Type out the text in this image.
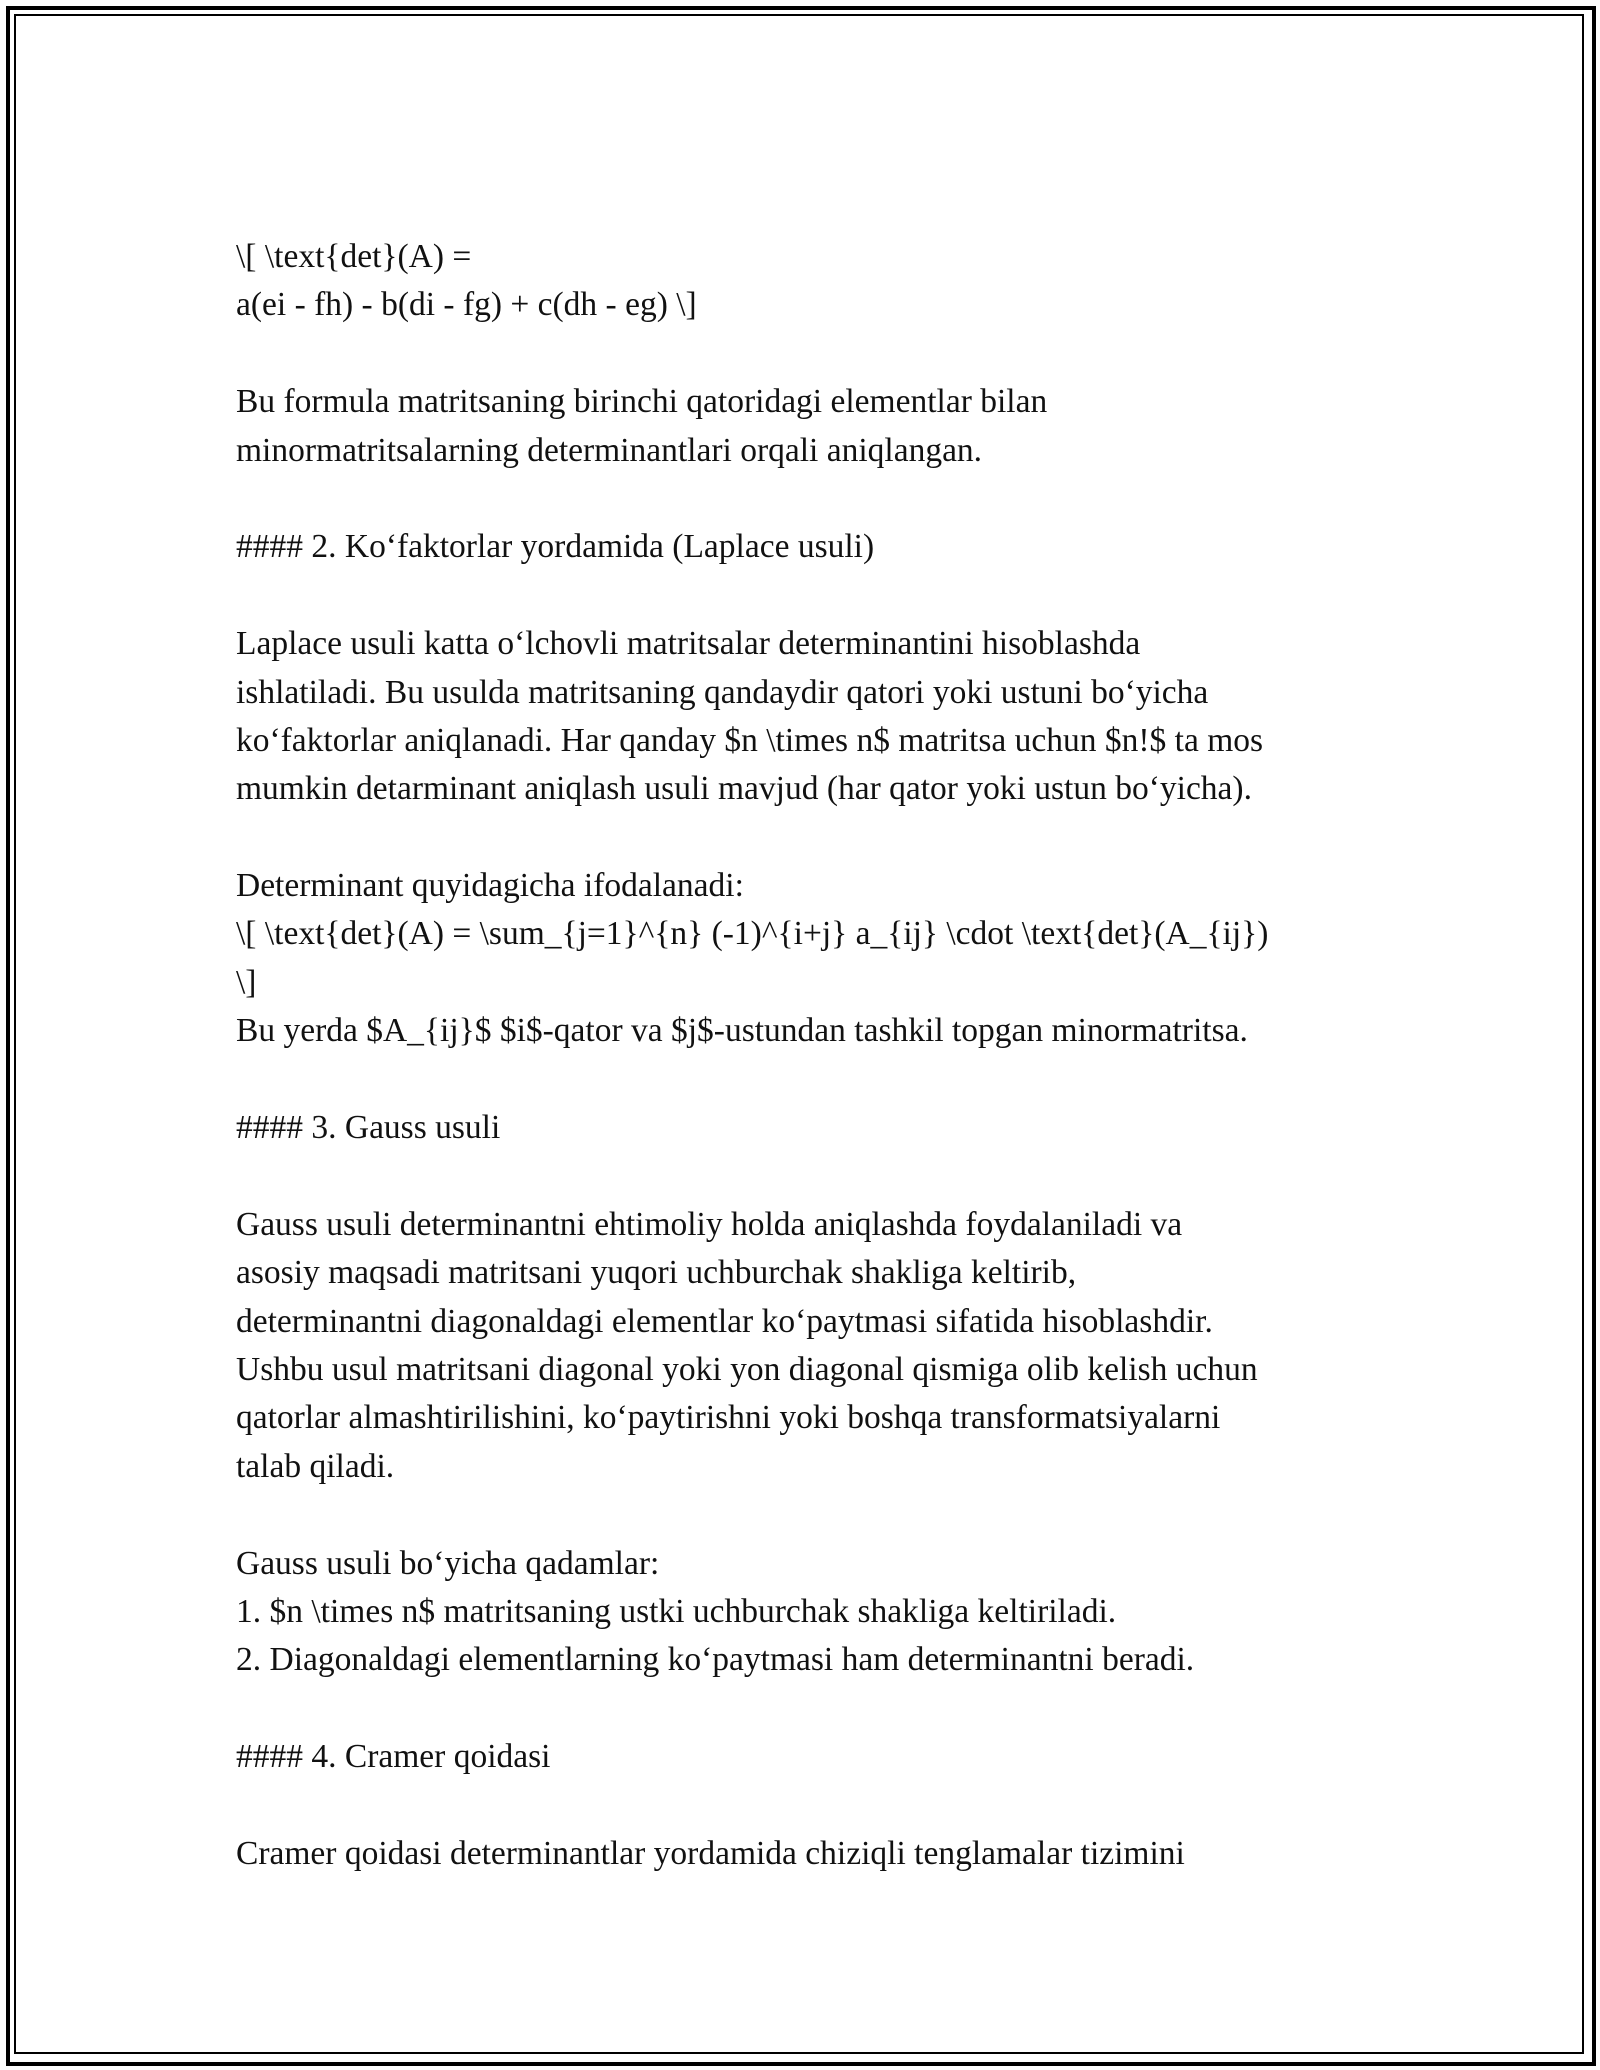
\[ \text{det}(A) =
a(ei - fh) - b(di - fg) + c(dh - eg) \]
Bu formula matritsaning birinchi qatoridagi elementlar bilan
minormatritsalarning determinantlari orqali aniqlangan.
#### 2. Ko‘faktorlar yordamida (Laplace usuli)
Laplace usuli katta o‘lchovli matritsalar determinantini hisoblashda
ishlatiladi. Bu usulda matritsaning qandaydir qatori yoki ustuni bo‘yicha
ko‘faktorlar aniqlanadi. Har qanday $n \times n$ matritsa uchun $n!$ ta mos
mumkin detarminant aniqlash usuli mavjud (har qator yoki ustun bo‘yicha).
Determinant quyidagicha ifodalanadi:
\[ \text{det}(A) = \sum_{j=1}^{n} (-1)^{i+j} a_{ij} \cdot \text{det}(A_{ij})
\]
Bu yerda $A_{ij}$ $i$-qator va $j$-ustundan tashkil topgan minormatritsa.
#### 3. Gauss usuli
Gauss usuli determinantni ehtimoliy holda aniqlashda foydalaniladi va
asosiy maqsadi matritsani yuqori uchburchak shakliga keltirib,
determinantni diagonaldagi elementlar ko‘paytmasi sifatida hisoblashdir.
Ushbu usul matritsani diagonal yoki yon diagonal qismiga olib kelish uchun
qatorlar almashtirilishini, ko‘paytirishni yoki boshqa transformatsiyalarni
talab qiladi.
Gauss usuli bo‘yicha qadamlar:
1. $n \times n$ matritsaning ustki uchburchak shakliga keltiriladi.
2. Diagonaldagi elementlarning ko‘paytmasi ham determinantni beradi.
#### 4. Cramer qoidasi
Cramer qoidasi determinantlar yordamida chiziqli tenglamalar tizimini
